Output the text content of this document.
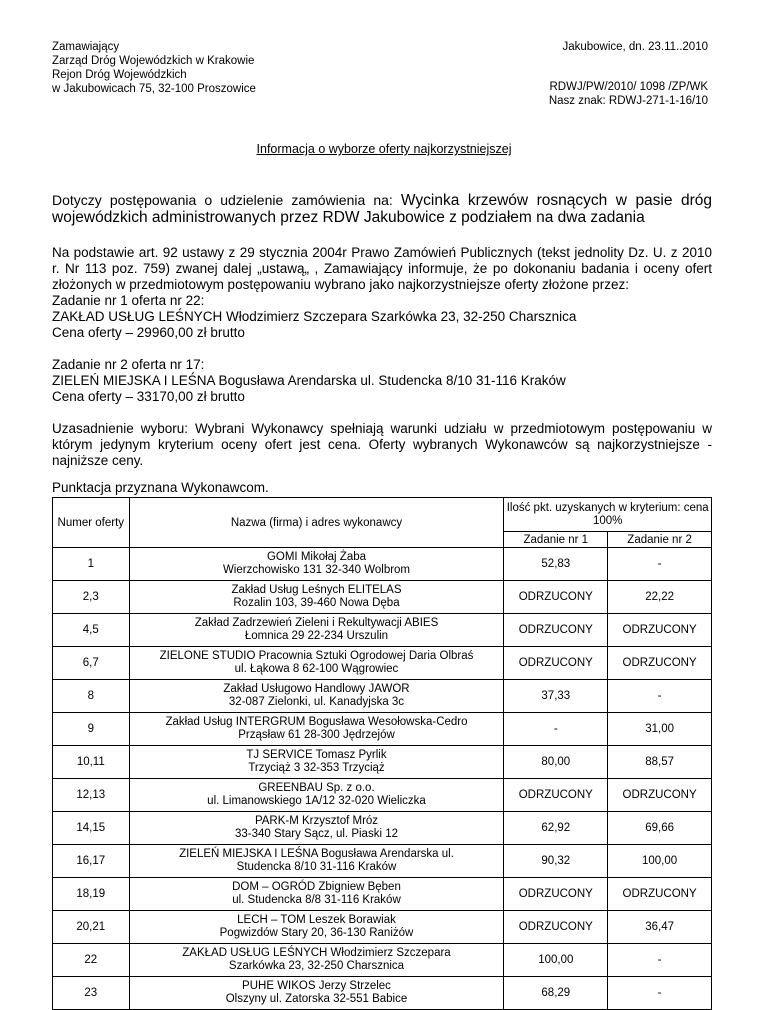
Zamawiający
Zarząd Dróg Wojewódzkich w Krakowie
Rejon Dróg Wojewódzkich
w Jakubowicach 75, 32-100 Proszowice
Jakubowice, dn. 23.11..2010
RDWJ/PW/2010/ 1098 /ZP/WK
Nasz znak: RDWJ-271-1-16/10
Informacja o wyborze oferty najkorzystniejszej
Dotyczy postępowania o udzielenie zamówienia na: Wycinka krzewów rosnących w pasie dróg wojewódzkich administrowanych przez RDW Jakubowice z podziałem na dwa zadania
Na podstawie art. 92 ustawy z 29 stycznia 2004r Prawo Zamówień Publicznych (tekst jednolity Dz. U. z 2010 r. Nr 113 poz. 759) zwanej dalej „ustawą„ , Zamawiający informuje, że po dokonaniu badania i oceny ofert złożonych w przedmiotowym postępowaniu wybrano jako najkorzystniejsze oferty złożone przez:
Zadanie nr 1 oferta nr 22:
ZAKŁAD USŁUG LEŚNYCH Włodzimierz Szczepara Szarkówka 23, 32-250 Charsznica
Cena oferty – 29960,00 zł brutto
Zadanie nr 2 oferta nr 17:
ZIELEŃ MIEJSKA I LEŚNA Bogusława Arendarska ul. Studencka 8/10 31-116 Kraków
Cena oferty – 33170,00 zł brutto
Uzasadnienie wyboru: Wybrani Wykonawcy spełniają warunki udziału w przedmiotowym postępowaniu w którym jedynym kryterium oceny ofert jest cena. Oferty wybranych Wykonawców są najkorzystniejsze - najniższe ceny.
Punktacja przyznana Wykonawcom.
Numer oferty	Nazwa (firma) i adres wykonawcy	Ilość pkt. uzyskanych w kryterium: cena 100%	
		Zadanie nr 1	Zadanie nr 2
1	GOMI Mikołaj Żaba
Wierzchowisko 131 32-340 Wolbrom	52,83	-
2,3	Zakład Usług Leśnych ELITELAS
Rozalin 103, 39-460 Nowa Dęba	ODRZUCONY	22,22
4,5	Zakład Zadrzewień Zieleni i Rekultywacji ABIES
Łomnica 29 22-234 Urszulin	ODRZUCONY	ODRZUCONY
6,7	ZIELONE STUDIO Pracownia Sztuki Ogrodowej Daria Olbraś
ul. Łąkowa 8 62-100 Wągrowiec	ODRZUCONY	ODRZUCONY
8	Zakład Usługowo Handlowy JAWOR
32-087 Zielonki, ul. Kanadyjska 3c	37,33	-
9	Zakład Usług INTERGRUM Bogusława Wesołowska-Cedro
Prząsław 61 28-300 Jędrzejów	-	31,00
10,11	TJ SERVICE Tomasz Pyrlik
Trzyciąż 3 32-353 Trzyciąż	80,00	88,57
12,13	GREENBAU Sp. z o.o.
ul. Limanowskiego 1A/12 32-020 Wieliczka	ODRZUCONY	ODRZUCONY
14,15	PARK-M Krzysztof Mróz
33-340 Stary Sącz, ul. Piaski 12	62,92	69,66
16,17	ZIELEŃ MIEJSKA I LEŚNA Bogusława Arendarska ul.
Studencka 8/10 31-116 Kraków	90,32	100,00
18,19	DOM – OGRÓD Zbigniew Bęben
ul. Studencka 8/8 31-116 Kraków	ODRZUCONY	ODRZUCONY
20,21	LECH – TOM Leszek Borawiak
Pogwizdów Stary 20, 36-130 Raniżów	ODRZUCONY	36,47
22	ZAKŁAD USŁUG LEŚNYCH Włodzimierz Szczepara
Szarkówka 23, 32-250 Charsznica	100,00	-
23	PUHE WIKOS Jerzy Strzelec
Olszyny ul. Zatorska 32-551 Babice	68,29	-
